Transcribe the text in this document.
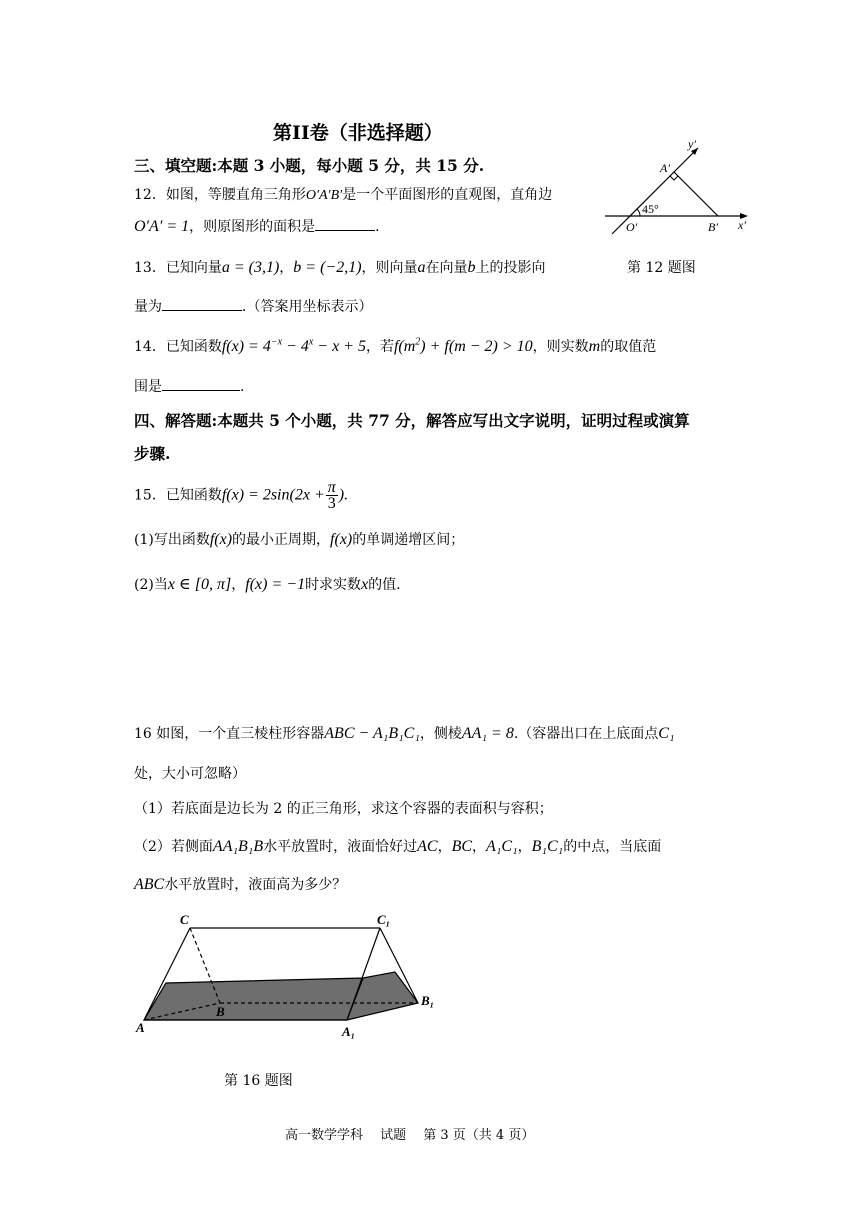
第II卷（非选择题）
三、填空题:本题 3 小题，每小题 5 分，共 15 分.
12．如图，等腰直角三角形O′A′B′是一个平面图形的直观图，直角边
O′A′ = 1，则原图形的面积是	.
y′
A′
45°
O′	B′ x′
第 12 题图
13．已知向量a = (3,1)，b = (−2,1)，则向量a在向量b上的投影向
量为	.（答案用坐标表示）
14．已知函数$f(x) = 4^{-x} - 4^x - x + 5$，若$f(m^2) + f(m - 2) > 10$，则实数m的取值范
围是	.
四、解答题:本题共 5 个小题，共 77 分，解答应写出文字说明，证明过程或演算
步骤.
15．已知函数$f(x) = 2\sin(2x + \frac{\pi}{3}$ ).
(1)写出函数f(x)的最小正周期，f(x)的单调递增区间；
(2)当x ∈ [0, π]，f(x) = −1时求实数x的值.
16 如图，一个直三棱柱形容器ABC − A₁B₁C₁，侧棱AA₁ = 8.（容器出口在上底面点C₁
处，大小可忽略）
（1）若底面是边长为 2 的正三角形，求这个容器的表面积与容积；
（2）若侧面AA₁B₁B水平放置时，液面恰好过AC，BC，A₁C₁，B₁C₁的中点，当底面
ABC水平放置时，液面高为多少？
C	C₁
A
B
A₁
B₁
第 16 题图
高一数学学科　 试题　 第 3 页（共 4 页）
